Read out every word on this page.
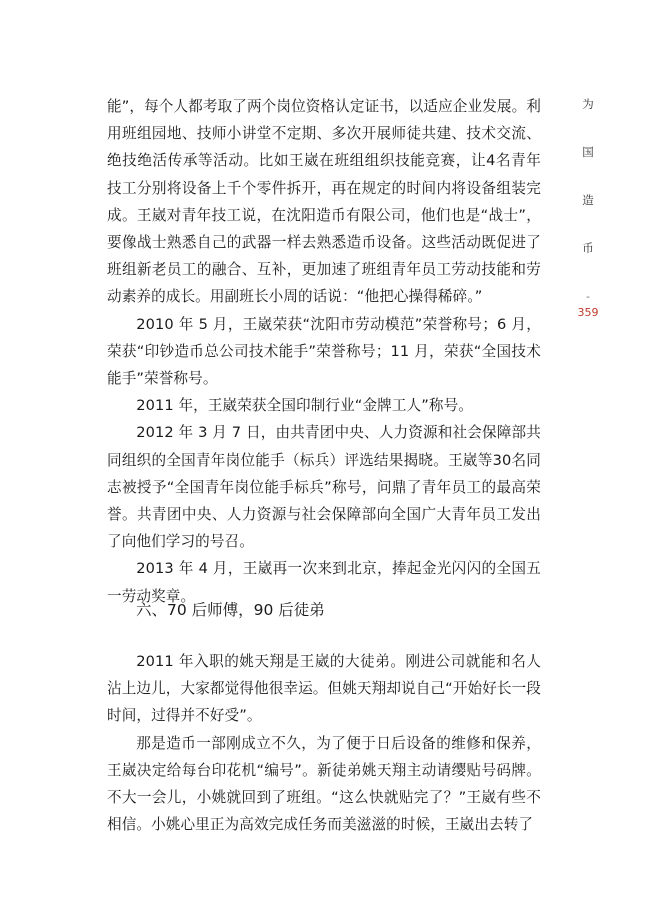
能”，每个人都考取了两个岗位资格认定证书，以适应企业发展。利用班组园地、技师小讲堂不定期、多次开展师徒共建、技术交流、绝技绝活传承等活动。比如王崴在班组组织技能竞赛，让4名青年技工分别将设备上千个零件拆开，再在规定的时间内将设备组装完成。王崴对青年技工说，在沈阳造币有限公司，他们也是“战士”，要像战士熟悉自己的武器一样去熟悉造币设备。这些活动既促进了班组新老员工的融合、互补，更加速了班组青年员工劳动技能和劳动素养的成长。用副班长小周的话说：“他把心操得稀碎。”

2010 年 5 月，王崴荣获“沈阳市劳动模范”荣誉称号；6 月，荣获“印钞造币总公司技术能手”荣誉称号；11 月，荣获“全国技术能手”荣誉称号。

2011 年，王崴荣获全国印制行业“金牌工人”称号。

2012 年 3 月 7 日，由共青团中央、人力资源和社会保障部共同组织的全国青年岗位能手（标兵）评选结果揭晓。王崴等30名同志被授予“全国青年岗位能手标兵”称号，问鼎了青年员工的最高荣誉。共青团中央、人力资源与社会保障部向全国广大青年员工发出了向他们学习的号召。

2013 年 4 月，王崴再一次来到北京，捧起金光闪闪的全国五一劳动奖章。

六、70 后师傅，90 后徒弟

2011 年入职的姚天翔是王崴的大徒弟。刚进公司就能和名人沾上边儿，大家都觉得他很幸运。但姚天翔却说自己“开始好长一段时间，过得并不好受”。

那是造币一部刚成立不久，为了便于日后设备的维修和保养，王崴决定给每台印花机“编号”。新徒弟姚天翔主动请缨贴号码牌。不大一会儿，小姚就回到了班组。“这么快就贴完了？”王崴有些不相信。小姚心里正为高效完成任务而美滋滋的时候，王崴出去转了

为
国
造
币
-
359
